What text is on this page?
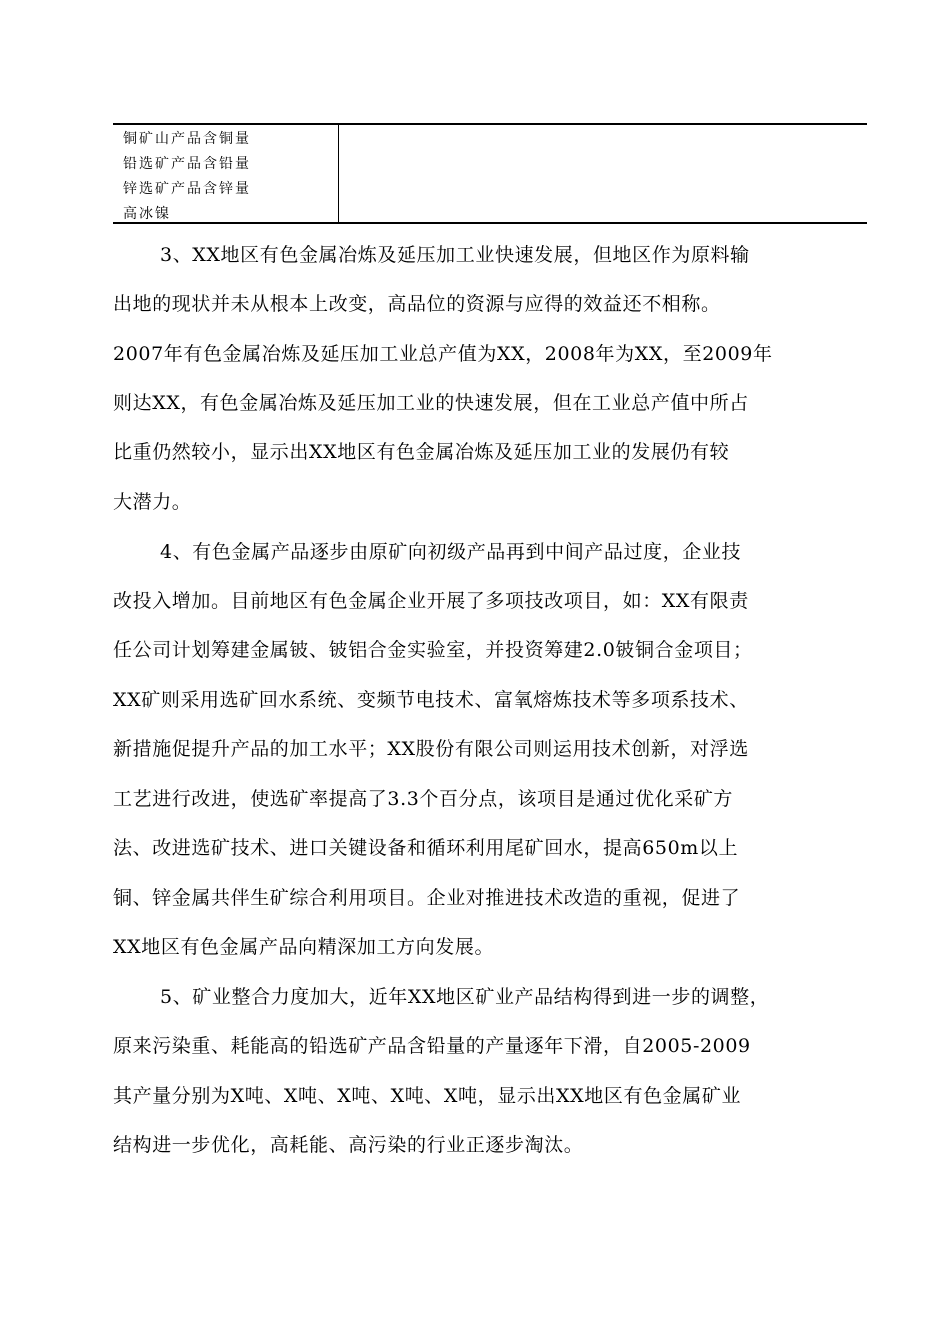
铜矿山产品含铜量
铅选矿产品含铅量
锌选矿产品含锌量
高冰镍
3、XX地区有色金属冶炼及延压加工业快速发展，但地区作为原料输
出地的现状并未从根本上改变，高品位的资源与应得的效益还不相称。
2007年有色金属冶炼及延压加工业总产值为XX，2008年为XX，至2009年
则达XX，有色金属冶炼及延压加工业的快速发展，但在工业总产值中所占
比重仍然较小，显示出XX地区有色金属冶炼及延压加工业的发展仍有较
大潜力。
4、有色金属产品逐步由原矿向初级产品再到中间产品过度，企业技
改投入增加。目前地区有色金属企业开展了多项技改项目，如：XX有限责
任公司计划筹建金属铍、铍铝合金实验室，并投资筹建2.0铍铜合金项目；
XX矿则采用选矿回水系统、变频节电技术、富氧熔炼技术等多项系技术、
新措施促提升产品的加工水平；XX股份有限公司则运用技术创新，对浮选
工艺进行改进，使选矿率提高了3.3个百分点，该项目是通过优化采矿方
法、改进选矿技术、进口关键设备和循环利用尾矿回水，提高650m以上
铜、锌金属共伴生矿综合利用项目。企业对推进技术改造的重视，促进了
XX地区有色金属产品向精深加工方向发展。
5、矿业整合力度加大，近年XX地区矿业产品结构得到进一步的调整，
原来污染重、耗能高的铅选矿产品含铅量的产量逐年下滑，自2005-2009
其产量分别为X吨、X吨、X吨、X吨、X吨，显示出XX地区有色金属矿业
结构进一步优化，高耗能、高污染的行业正逐步淘汰。
